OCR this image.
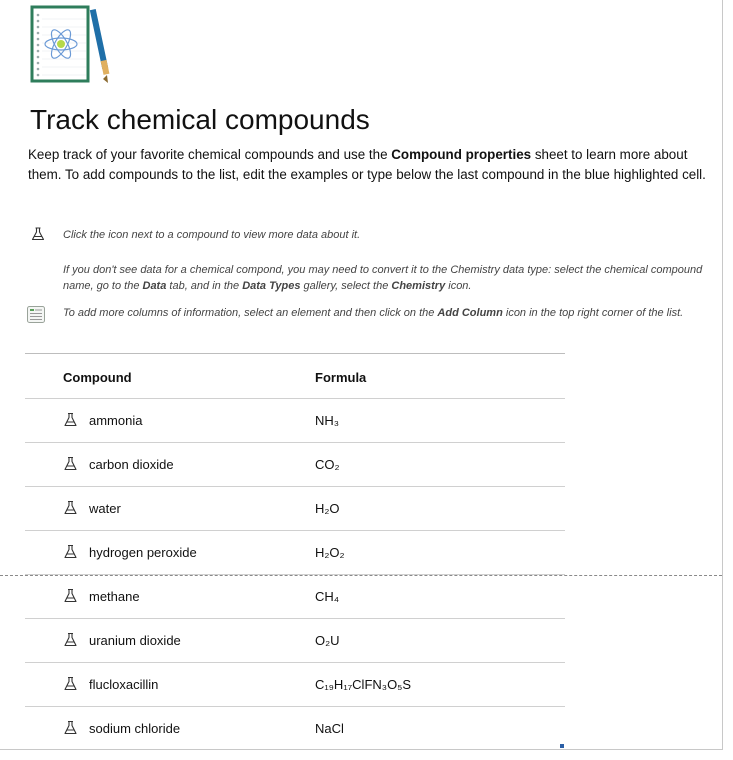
Track chemical compounds

Keep track of your favorite chemical compounds and use the Compound properties sheet to learn more about them. To add compounds to the list, edit the examples or type below the last compound in the blue highlighted cell.

Click the icon next to a compound to view more data about it.
If you don't see data for a chemical compond, you may need to convert it to the Chemistry data type: select the chemical compound name, go to the Data tab, and in the Data Types gallery, select the Chemistry icon.
To add more columns of information, select an element and then click on the Add Column icon in the top right corner of the list.
Compound	Formula
ammonia	NH₃
carbon dioxide	CO₂
water	H₂O
hydrogen peroxide	H₂O₂
methane	CH₄
uranium dioxide	O₂U
flucloxacillin	C₁₉H₁₇ClFN₃O₅S
sodium chloride	NaCl
